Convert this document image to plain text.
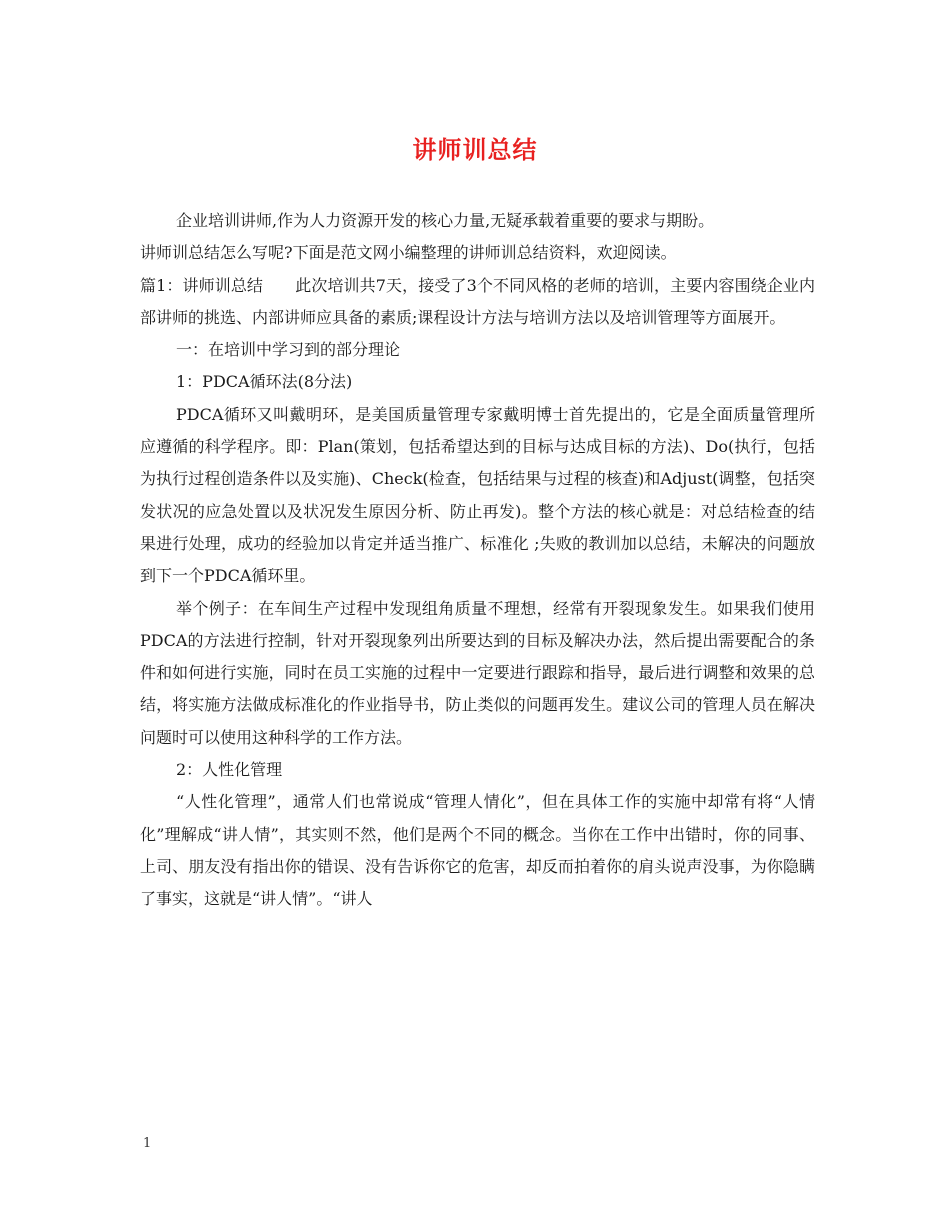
讲师训总结

企业培训讲师,作为人力资源开发的核心力量,无疑承载着重要的要求与期盼。

讲师训总结怎么写呢?下面是范文网小编整理的讲师训总结资料，欢迎阅读。

篇1：讲师训总结　　此次培训共7天，接受了3个不同风格的老师的培训，主要内容围绕企业内部讲师的挑选、内部讲师应具备的素质;课程设计方法与培训方法以及培训管理等方面展开。

一：在培训中学习到的部分理论

1：PDCA循环法(8分法)

PDCA循环又叫戴明环，是美国质量管理专家戴明博士首先提出的，它是全面质量管理所应遵循的科学程序。即：Plan(策划，包括希望达到的目标与达成目标的方法)、Do(执行，包括为执行过程创造条件以及实施)、Check(检查，包括结果与过程的核查)和Adjust(调整，包括突发状况的应急处置以及状况发生原因分析、防止再发)。整个方法的核心就是：对总结检查的结果进行处理，成功的经验加以肯定并适当推广、标准化 ;失败的教训加以总结，未解决的问题放到下一个PDCA循环里。

举个例子：在车间生产过程中发现组角质量不理想，经常有开裂现象发生。如果我们使用PDCA的方法进行控制，针对开裂现象列出所要达到的目标及解决办法，然后提出需要配合的条件和如何进行实施，同时在员工实施的过程中一定要进行跟踪和指导，最后进行调整和效果的总结，将实施方法做成标准化的作业指导书，防止类似的问题再发生。建议公司的管理人员在解决问题时可以使用这种科学的工作方法。

2：人性化管理

“人性化管理”，通常人们也常说成“管理人情化”，但在具体工作的实施中却常有将“人情化”理解成“讲人情”，其实则不然，他们是两个不同的概念。当你在工作中出错时，你的同事、上司、朋友没有指出你的错误、没有告诉你它的危害，却反而拍着你的肩头说声没事，为你隐瞒了事实，这就是“讲人情”。“讲人

1
